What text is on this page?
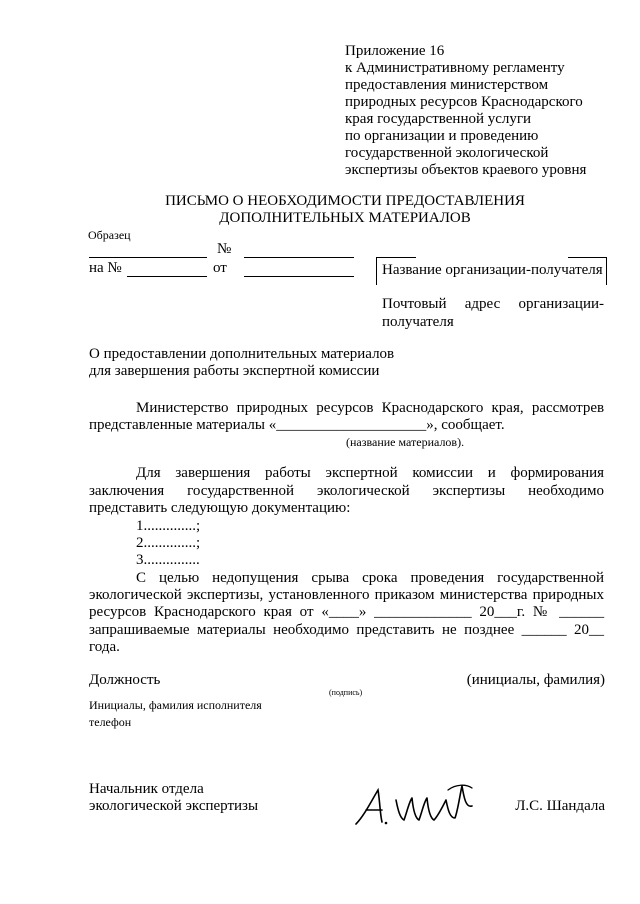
Приложение 16
к Административному регламенту
предоставления министерством
природных ресурсов Краснодарского
края государственной услуги
по организации и проведению
государственной экологической
экспертизы объектов краевого уровня
ПИСЬМО О НЕОБХОДИМОСТИ ПРЕДОСТАВЛЕНИЯ
ДОПОЛНИТЕЛЬНЫХ МАТЕРИАЛОВ
Образец
№
на №	от	Название организации-получателя
Почтовый адрес организации-
получателя
О предоставлении дополнительных материалов
для завершения работы экспертной комиссии
Министерство природных ресурсов Краснодарского края, рассмотрев
представленные материалы «____________________», сообщает.
(название материалов).
Для завершения работы экспертной комиссии и формирования
заключения государственной экологической экспертизы необходимо
представить следующую документацию:
1..............;
2..............;
3...............
С целью недопущения срыва срока проведения государственной
экологической экспертизы, установленного приказом министерства природных
ресурсов Краснодарского края от «____» _____________ 20___г. № ______
запрашиваемые материалы необходимо представить не позднее ______ 20__
года.
Должность	(инициалы, фамилия)
(подпись)
Инициалы, фамилия исполнителя
телефон
Начальник отдела
экологической экспертизы	Л.С. Шандала
